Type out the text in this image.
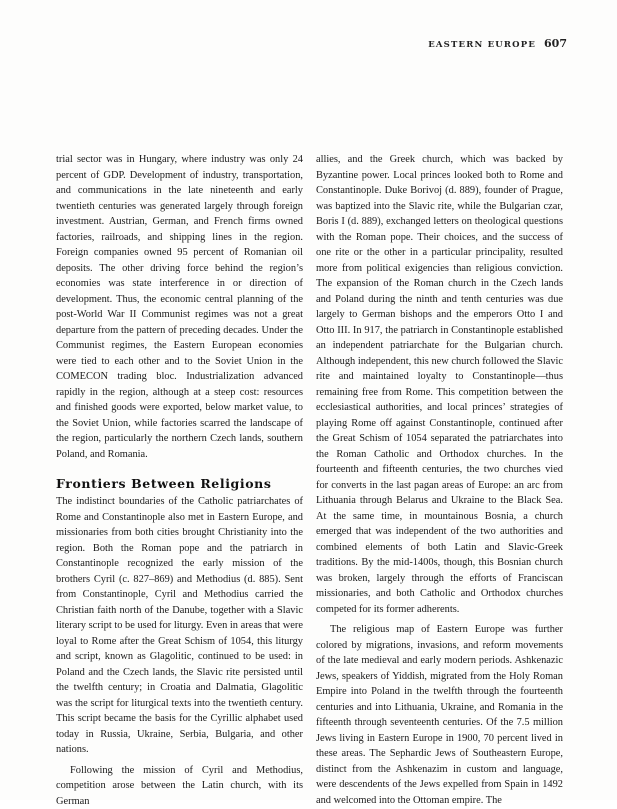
EASTERN EUROPE 607

trial sector was in Hungary, where industry was only 24 percent of GDP. Development of industry, transportation, and communications in the late nineteenth and early twentieth centuries was generated largely through foreign investment. Austrian, German, and French firms owned factories, railroads, and shipping lines in the region. Foreign companies owned 95 percent of Romanian oil deposits. The other driving force behind the region’s economies was state interference in or direction of development. Thus, the economic central planning of the post-World War II Communist regimes was not a great departure from the pattern of preceding decades. Under the Communist regimes, the Eastern European economies were tied to each other and to the Soviet Union in the COMECON trading bloc. Industrialization advanced rapidly in the region, although at a steep cost: resources and finished goods were exported, below market value, to the Soviet Union, while factories scarred the landscape of the region, particularly the northern Czech lands, southern Poland, and Romania.

Frontiers Between Religions

The indistinct boundaries of the Catholic patriarchates of Rome and Constantinople also met in Eastern Europe, and missionaries from both cities brought Christianity into the region. Both the Roman pope and the patriarch in Constantinople recognized the early mission of the brothers Cyril (c. 827–869) and Methodius (d. 885). Sent from Constantinople, Cyril and Methodius carried the Christian faith north of the Danube, together with a Slavic literary script to be used for liturgy. Even in areas that were loyal to Rome after the Great Schism of 1054, this liturgy and script, known as Glagolitic, continued to be used: in Poland and the Czech lands, the Slavic rite persisted until the twelfth century; in Croatia and Dalmatia, Glagolitic was the script for liturgical texts into the twentieth century. This script became the basis for the Cyrillic alphabet used today in Russia, Ukraine, Serbia, Bulgaria, and other nations.

Following the mission of Cyril and Methodius, competition arose between the Latin church, with its German

allies, and the Greek church, which was backed by Byzantine power. Local princes looked both to Rome and Constantinople. Duke Borivoj (d. 889), founder of Prague, was baptized into the Slavic rite, while the Bulgarian czar, Boris I (d. 889), exchanged letters on theological questions with the Roman pope. Their choices, and the success of one rite or the other in a particular principality, resulted more from political exigencies than religious conviction. The expansion of the Roman church in the Czech lands and Poland during the ninth and tenth centuries was due largely to German bishops and the emperors Otto I and Otto III. In 917, the patriarch in Constantinople established an independent patriarchate for the Bulgarian church. Although independent, this new church followed the Slavic rite and maintained loyalty to Constantinople—thus remaining free from Rome. This competition between the ecclesiastical authorities, and local princes’ strategies of playing Rome off against Constantinople, continued after the Great Schism of 1054 separated the patriarchates into the Roman Catholic and Orthodox churches. In the fourteenth and fifteenth centuries, the two churches vied for converts in the last pagan areas of Europe: an arc from Lithuania through Belarus and Ukraine to the Black Sea. At the same time, in mountainous Bosnia, a church emerged that was independent of the two authorities and combined elements of both Latin and Slavic-Greek traditions. By the mid-1400s, though, this Bosnian church was broken, largely through the efforts of Franciscan missionaries, and both Catholic and Orthodox churches competed for its former adherents.

The religious map of Eastern Europe was further colored by migrations, invasions, and reform movements of the late medieval and early modern periods. Ashkenazic Jews, speakers of Yiddish, migrated from the Holy Roman Empire into Poland in the twelfth through the fourteenth centuries and into Lithuania, Ukraine, and Romania in the fifteenth through seventeenth centuries. Of the 7.5 million Jews living in Eastern Europe in 1900, 70 percent lived in these areas. The Sephardic Jews of Southeastern Europe, distinct from the Ashkenazim in custom and language, were descendents of the Jews expelled from Spain in 1492 and welcomed into the Ottoman empire. The
